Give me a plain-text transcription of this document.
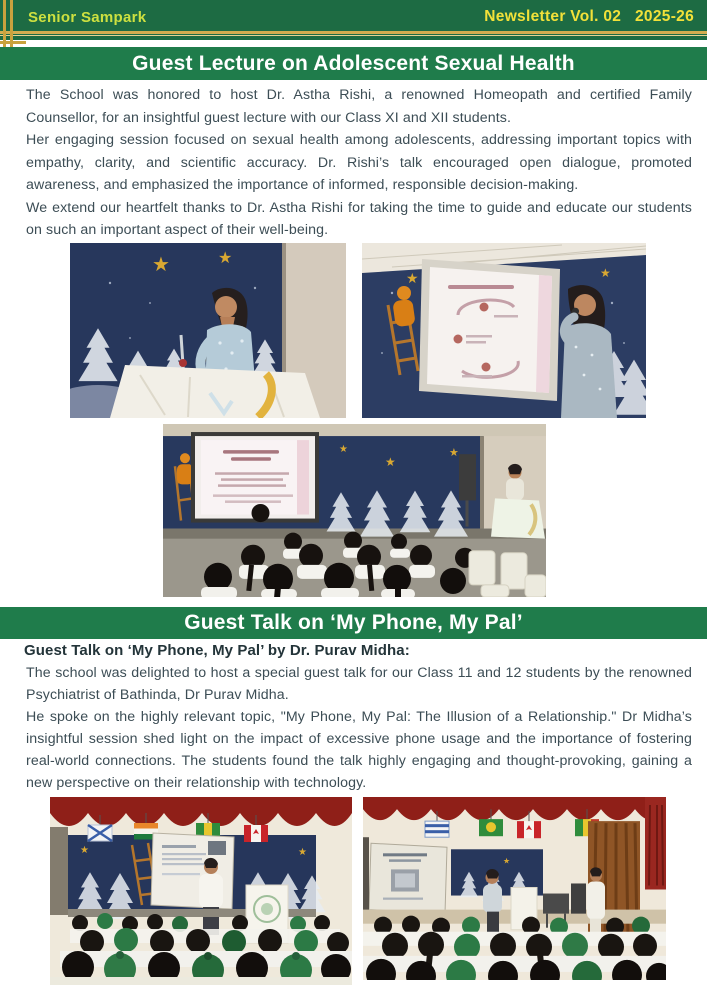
Senior Sampark	Newsletter Vol. 02   2025-26
Guest Lecture on Adolescent Sexual Health

The School was honored to host Dr. Astha Rishi, a renowned Homeopath and certified Family Counsellor, for an insightful guest lecture with our Class XI and XII students.

Her engaging session focused on sexual health among adolescents, addressing important topics with empathy, clarity, and scientific accuracy. Dr. Rishi’s talk encouraged open dialogue, promoted awareness, and emphasized the importance of informed, responsible decision-making.

We extend our heartfelt thanks to Dr. Astha Rishi for taking the time to guide and educate our students on such an important aspect of their well-being.

★	★
★	★
★
★
★
Guest Talk on ‘My Phone, My Pal’
Guest Talk on ‘My Phone, My Pal’ by Dr. Purav Midha:

The school was delighted to host a special guest talk for our Class 11 and 12 students by the renowned Psychiatrist of Bathinda, Dr Purav Midha.

He spoke on the highly relevant topic, "My Phone, My Pal: The Illusion of a Relationship." Dr Midha’s insightful session shed light on the impact of excessive phone usage and the importance of fostering real-world connections. The students found the talk highly engaging and thought-provoking, gaining a new perspective on their relationship with technology.

★	★
★
